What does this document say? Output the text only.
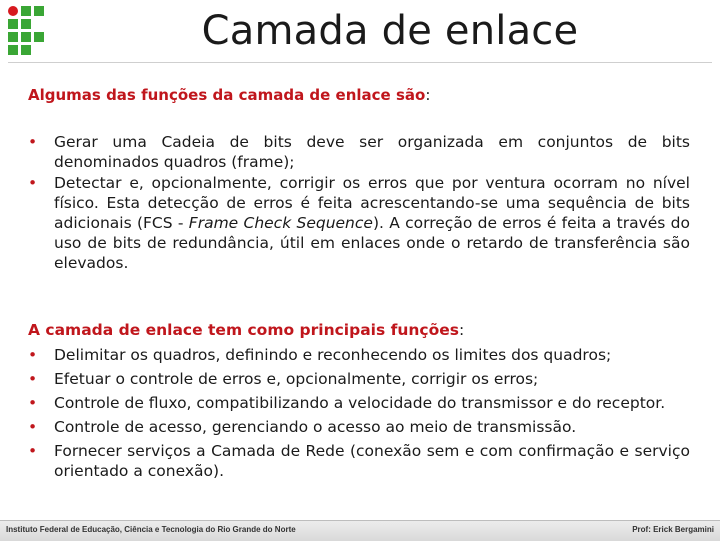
Camada de enlace
Algumas das funções da camada de enlace são:
• Gerar uma Cadeia de bits deve ser organizada em conjuntos de bits denominados quadros (frame);
• Detectar e, opcionalmente, corrigir os erros que por ventura ocorram no nível físico. Esta detecção de erros é feita acrescentando-se uma sequência de bits adicionais (FCS - Frame Check Sequence). A correção de erros é feita a través do uso de bits de redundância, útil em enlaces onde o retardo de transferência são elevados.
A camada de enlace tem como principais funções:
• Delimitar os quadros, definindo e reconhecendo os limites dos quadros;
• Efetuar o controle de erros e, opcionalmente, corrigir os erros;
• Controle de fluxo, compatibilizando a velocidade do transmissor e do receptor.
• Controle de acesso, gerenciando o acesso ao meio de transmissão.
• Fornecer serviços a Camada de Rede (conexão sem e com confirmação e serviço orientado a conexão).
Instituto Federal de Educação, Ciência e Tecnologia do Rio Grande do Norte	Prof: Erick Bergamini
